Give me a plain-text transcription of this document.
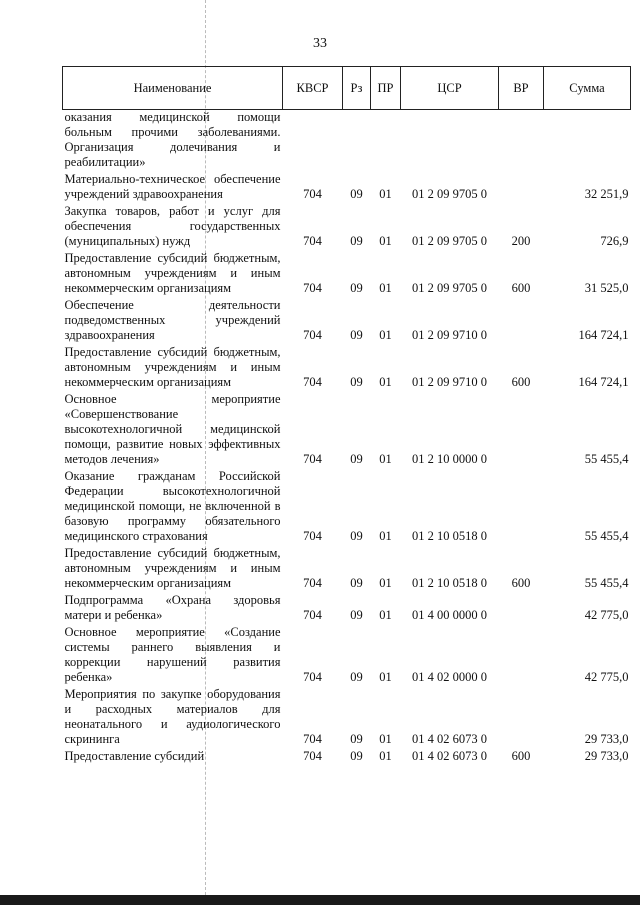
33
Наименование	КВСР	Рз	ПР	ЦСР	ВР	Сумма
оказания медицинской помощи больным прочими заболеваниями. Организация долечивания и реабилитации»						
Материально-техническое обеспечение учреждений здравоохранения	704	09	01	01 2 09 9705 0		32 251,9
Закупка товаров, работ и услуг для обеспечения государственных (муниципальных) нужд	704	09	01	01 2 09 9705 0	200	726,9
Предоставление субсидий бюджетным, автономным учреждениям и иным некоммерческим организациям	704	09	01	01 2 09 9705 0	600	31 525,0
Обеспечение деятельности подведомственных учреждений здравоохранения	704	09	01	01 2 09 9710 0		164 724,1
Предоставление субсидий бюджетным, автономным учреждениям и иным некоммерческим организациям	704	09	01	01 2 09 9710 0	600	164 724,1
Основное мероприятие «Совершенствование высокотехнологичной медицинской помощи, развитие новых эффективных методов лечения»	704	09	01	01 2 10 0000 0		55 455,4
Оказание гражданам Российской Федерации высокотехнологичной медицинской помощи, не включенной в базовую программу обязательного медицинского страхования	704	09	01	01 2 10 0518 0		55 455,4
Предоставление субсидий бюджетным, автономным учреждениям и иным некоммерческим организациям	704	09	01	01 2 10 0518 0	600	55 455,4
Подпрограмма «Охрана здоровья матери и ребенка»	704	09	01	01 4 00 0000 0		42 775,0
Основное мероприятие «Создание системы раннего выявления и коррекции нарушений развития ребенка»	704	09	01	01 4 02 0000 0		42 775,0
Мероприятия по закупке оборудования и расходных материалов для неонатального и аудиологического скрининга	704	09	01	01 4 02 6073 0		29 733,0
Предоставление субсидий	704	09	01	01 4 02 6073 0	600	29 733,0
